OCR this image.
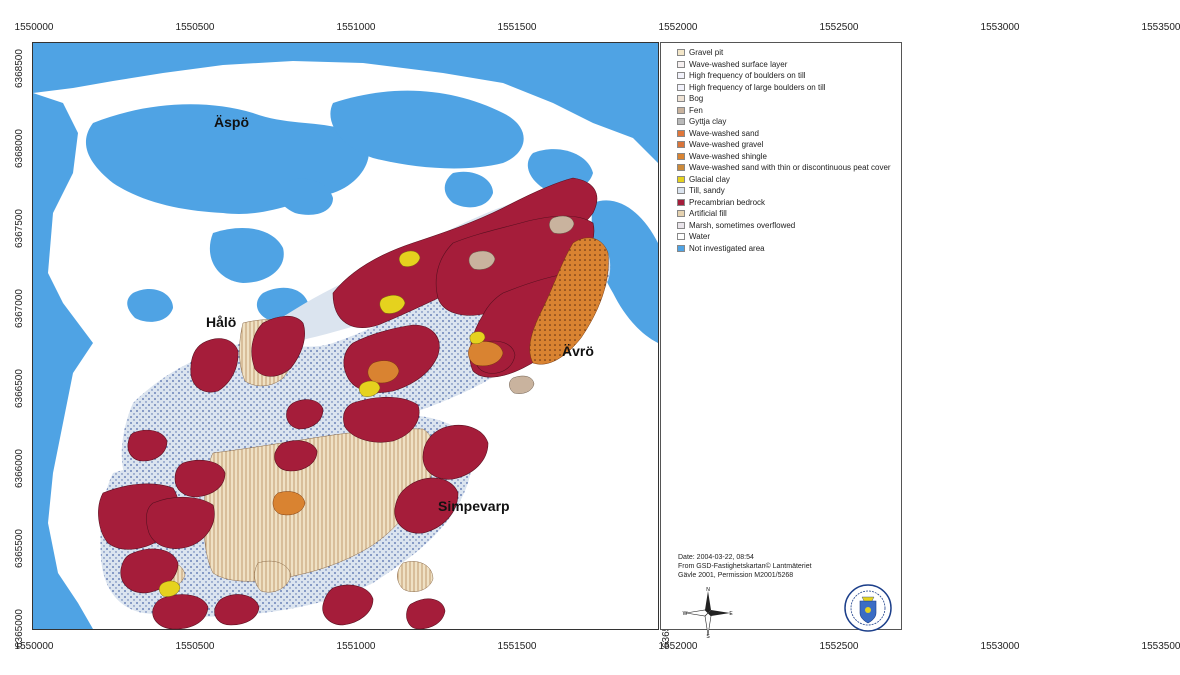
1550000	1550500	1551000	1551500	1552000	1552500	1553000	1553500
1550000	1550500	1551000	1551500	1552000	1552500	1553000	1553500
6368500
6368000
6367500
6367000
6366500
6366000
6365500
6365000
Äspö
Hålö
Ävrö
Simpevarp
Gravel pit
Wave-washed surface layer
High frequency of boulders on till
High frequency of large boulders on till
Bog
Fen
Gyttja clay
Wave-washed sand
Wave-washed gravel
Wave-washed shingle
Wave-washed sand with thin or discontinuous peat cover
Glacial clay
Till, sandy
Precambrian bedrock
Artificial fill
Marsh, sometimes overflowed
Water
Not investigated area
Date: 2004-03-22, 08:54
From GSD-Fastighetskartan© Lantmäteriet
Gävle 2001, Permission M2001/5268
N
S
E
W
